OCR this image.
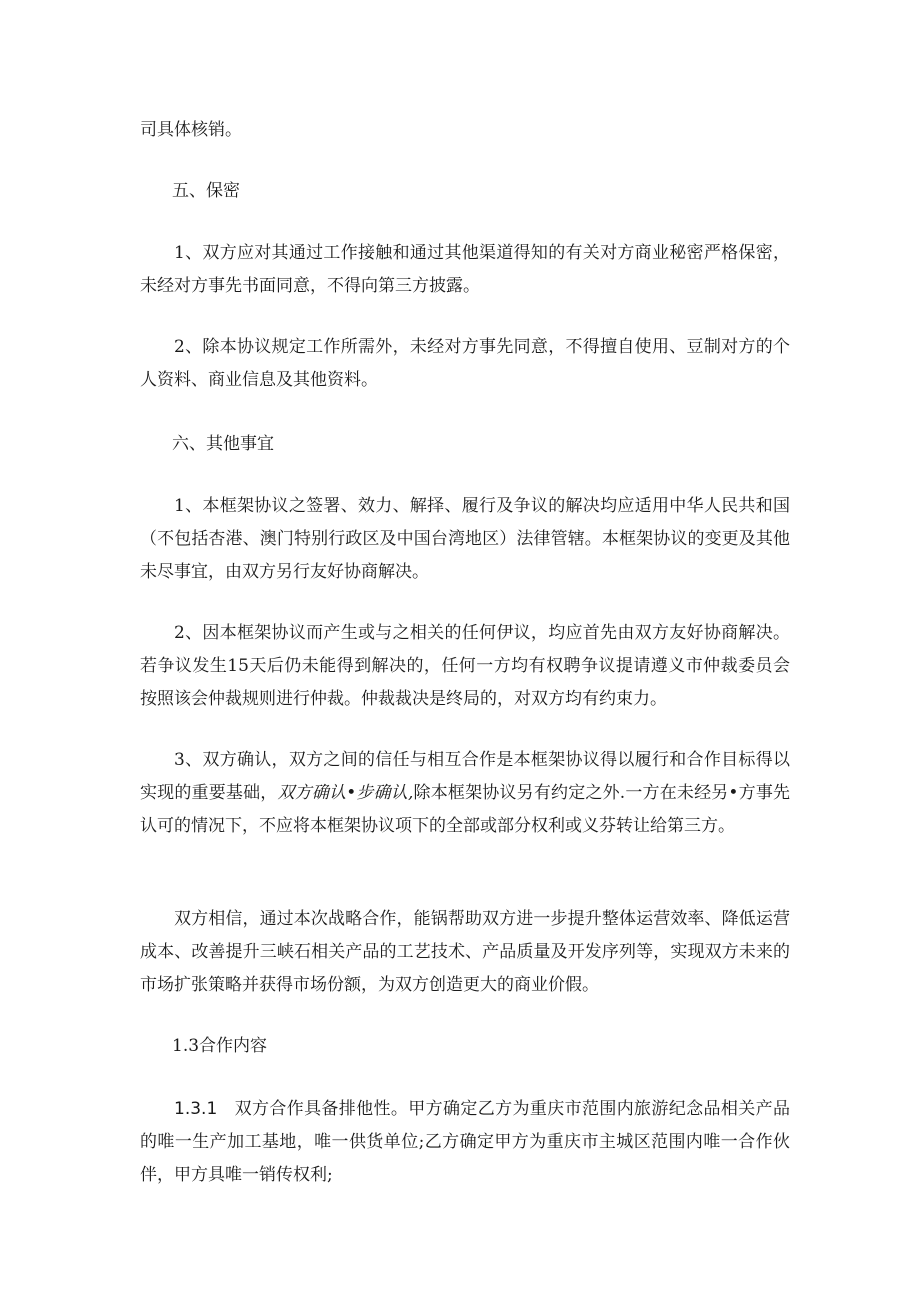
司具体核销。

五、保密

1、双方应对其通过工作接触和通过其他渠道得知的有关对方商业秘密严格保密，未经对方事先书面同意，不得向第三方披露。

2、除本协议规定工作所需外，未经对方事先同意，不得擅自使用、豆制对方的个人资料、商业信息及其他资料。

六、其他事宜

1、本框架协议之签署、效力、解择、履行及争议的解决均应适用中华人民共和国（不包括杏港、澳门特别行政区及中国台湾地区）法律管辖。本框架协议的变更及其他未尽事宜，由双方另行友好协商解决。

2、因本框架协议而产生或与之相关的任何伊议，均应首先由双方友好协商解决。若争议发生15天后仍未能得到解决的，任何一方均有权聘争议提请遵义市仲裁委员会按照该会仲裁规则进行仲裁。仲裁裁决是终局的，对双方均有约束力。

3、双方确认，双方之间的信任与相互合作是本框架协议得以履行和合作目标得以实现的重要基础，双方确认•步确认,除本框架协议另有约定之外.一方在未经另•方事先认可的情况下，不应将本框架协议项下的全部或部分权利或义芬转让给第三方。

双方相信，通过本次战略合作，能锅帮助双方进一步提升整体运营效率、降低运营成本、改善提升三峡石相关产品的工艺技术、产品质量及开发序列等，实现双方未来的市场扩张策略并获得市场份额，为双方创造更大的商业价假。

1.3合作内容

1.3.1 双方合作具备排他性。甲方确定乙方为重庆市范围内旅游纪念品相关产品的唯一生产加工基地，唯一供货单位;乙方确定甲方为重庆市主城区范围内唯一合作伙伴，甲方具唯一销传权利;
